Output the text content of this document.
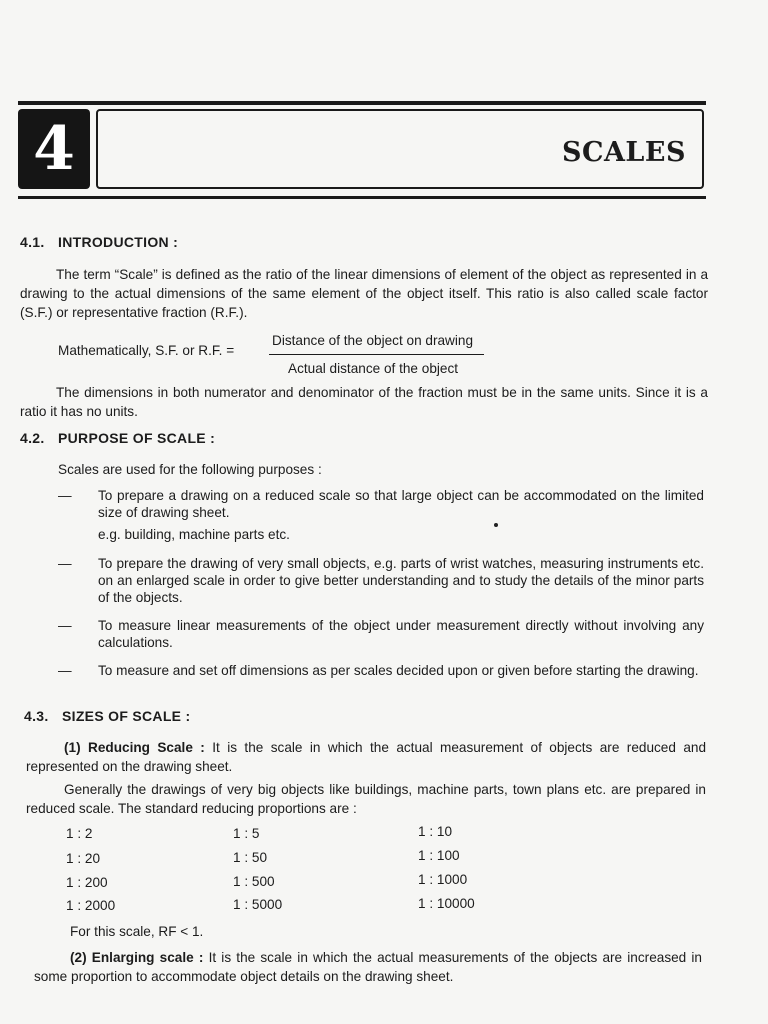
4	SCALES
4.1. INTRODUCTION :
The term “Scale” is defined as the ratio of the linear dimensions of element of the object as represented in a drawing to the actual dimensions of the same element of the object itself. This ratio is also called scale factor (S.F.) or representative fraction (R.F.).
Mathematically, S.F. or R.F. =
Distance of the object on drawing
Actual distance of the object
The dimensions in both numerator and denominator of the fraction must be in the same units. Since it is a ratio it has no units.
4.2. PURPOSE OF SCALE :
Scales are used for the following purposes :
— To prepare a drawing on a reduced scale so that large object can be accommodated on the limited size of drawing sheet.
e.g. building, machine parts etc.
— To prepare the drawing of very small objects, e.g. parts of wrist watches, measuring instruments etc. on an enlarged scale in order to give better understanding and to study the details of the minor parts of the objects.
— To measure linear measurements of the object under measurement directly without involving any calculations.
— To measure and set off dimensions as per scales decided upon or given before starting the drawing.
4.3. SIZES OF SCALE :
(1) Reducing Scale : It is the scale in which the actual measurement of objects are reduced and represented on the drawing sheet.
Generally the drawings of very big objects like buildings, machine parts, town plans etc. are prepared in reduced scale. The standard reducing proportions are :
1 : 2	1 : 5	1 : 10
1 : 20	1 : 50	1 : 100
1 : 200	1 : 500	1 : 1000
1 : 2000	1 : 5000	1 : 10000
For this scale, RF < 1.
(2) Enlarging scale : It is the scale in which the actual measurements of the objects are increased in some proportion to accommodate object details on the drawing sheet.
